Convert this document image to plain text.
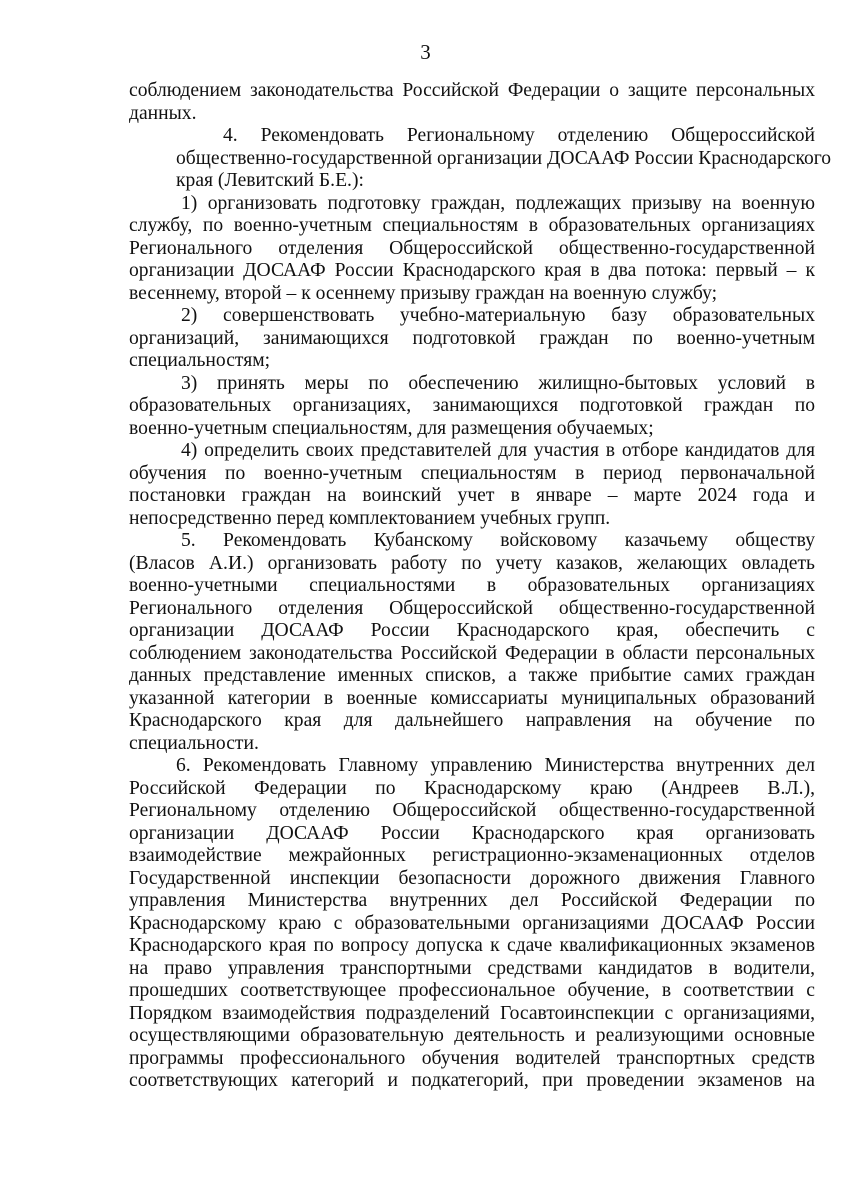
3

соблюдением законодательства Российской Федерации о защите персональных
данных.

4. Рекомендовать Региональному отделению Общероссийской
общественно-государственной организации ДОСААФ России Краснодарского
края (Левитский Б.Е.):

1) организовать подготовку граждан, подлежащих призыву на военную
службу, по военно-учетным специальностям в образовательных организациях
Регионального отделения Общероссийской общественно-государственной
организации ДОСААФ России Краснодарского края в два потока: первый – к
весеннему, второй – к осеннему призыву граждан на военную службу;

2) совершенствовать учебно-материальную базу образовательных
организаций, занимающихся подготовкой граждан по военно-учетным
специальностям;

3) принять меры по обеспечению жилищно-бытовых условий в
образовательных организациях, занимающихся подготовкой граждан по
военно-учетным специальностям, для размещения обучаемых;

4) определить своих представителей для участия в отборе кандидатов для
обучения по военно-учетным специальностям в период первоначальной
постановки граждан на воинский учет в январе – марте 2024 года и
непосредственно перед комплектованием учебных групп.

5. Рекомендовать Кубанскому войсковому казачьему обществу
(Власов А.И.) организовать работу по учету казаков, желающих овладеть
военно-учетными специальностями в образовательных организациях
Регионального отделения Общероссийской общественно-государственной
организации ДОСААФ России Краснодарского края, обеспечить с
соблюдением законодательства Российской Федерации в области персональных
данных представление именных списков, а также прибытие самих граждан
указанной категории в военные комиссариаты муниципальных образований
Краснодарского края для дальнейшего направления на обучение по
специальности.

6. Рекомендовать Главному управлению Министерства внутренних дел
Российской Федерации по Краснодарскому краю (Андреев В.Л.),
Региональному отделению Общероссийской общественно-государственной
организации ДОСААФ России Краснодарского края организовать
взаимодействие межрайонных регистрационно-экзаменационных отделов
Государственной инспекции безопасности дорожного движения Главного
управления Министерства внутренних дел Российской Федерации по
Краснодарскому краю с образовательными организациями ДОСААФ России
Краснодарского края по вопросу допуска к сдаче квалификационных экзаменов
на право управления транспортными средствами кандидатов в водители,
прошедших соответствующее профессиональное обучение, в соответствии с
Порядком взаимодействия подразделений Госавтоинспекции с организациями,
осуществляющими образовательную деятельность и реализующими основные
программы профессионального обучения водителей транспортных средств
соответствующих категорий и подкатегорий, при проведении экзаменов на
